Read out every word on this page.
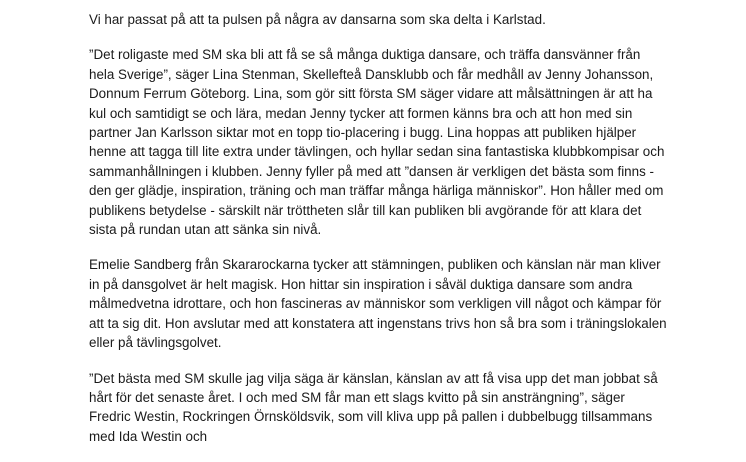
Vi har passat på att ta pulsen på några av dansarna som ska delta i Karlstad.

”Det roligaste med SM ska bli att få se så många duktiga dansare, och träffa dansvänner från hela Sverige”, säger Lina Stenman, Skellefteå Dansklubb och får medhåll av Jenny Johansson, Donnum Ferrum Göteborg. Lina, som gör sitt första SM säger vidare att målsättningen är att ha kul och samtidigt se och lära, medan Jenny tycker att formen känns bra och att hon med sin partner Jan Karlsson siktar mot en topp tio-placering i bugg. Lina hoppas att publiken hjälper henne att tagga till lite extra under tävlingen, och hyllar sedan sina fantastiska klubbkompisar och sammanhållningen i klubben. Jenny fyller på med att ”dansen är verkligen det bästa som finns - den ger glädje, inspiration, träning och man träffar många härliga människor”. Hon håller med om publikens betydelse - särskilt när tröttheten slår till kan publiken bli avgörande för att klara det sista på rundan utan att sänka sin nivå.

Emelie Sandberg från Skararockarna tycker att stämningen, publiken och känslan när man kliver in på dansgolvet är helt magisk. Hon hittar sin inspiration i såväl duktiga dansare som andra målmedvetna idrottare, och hon fascineras av människor som verkligen vill något och kämpar för att ta sig dit. Hon avslutar med att konstatera att ingenstans trivs hon så bra som i träningslokalen eller på tävlingsgolvet.

”Det bästa med SM skulle jag vilja säga är känslan, känslan av att få visa upp det man jobbat så hårt för det senaste året. I och med SM får man ett slags kvitto på sin ansträngning”, säger Fredric Westin, Rockringen Örnsköldsvik, som vill kliva upp på pallen i dubbelbugg tillsammans med Ida Westin och
